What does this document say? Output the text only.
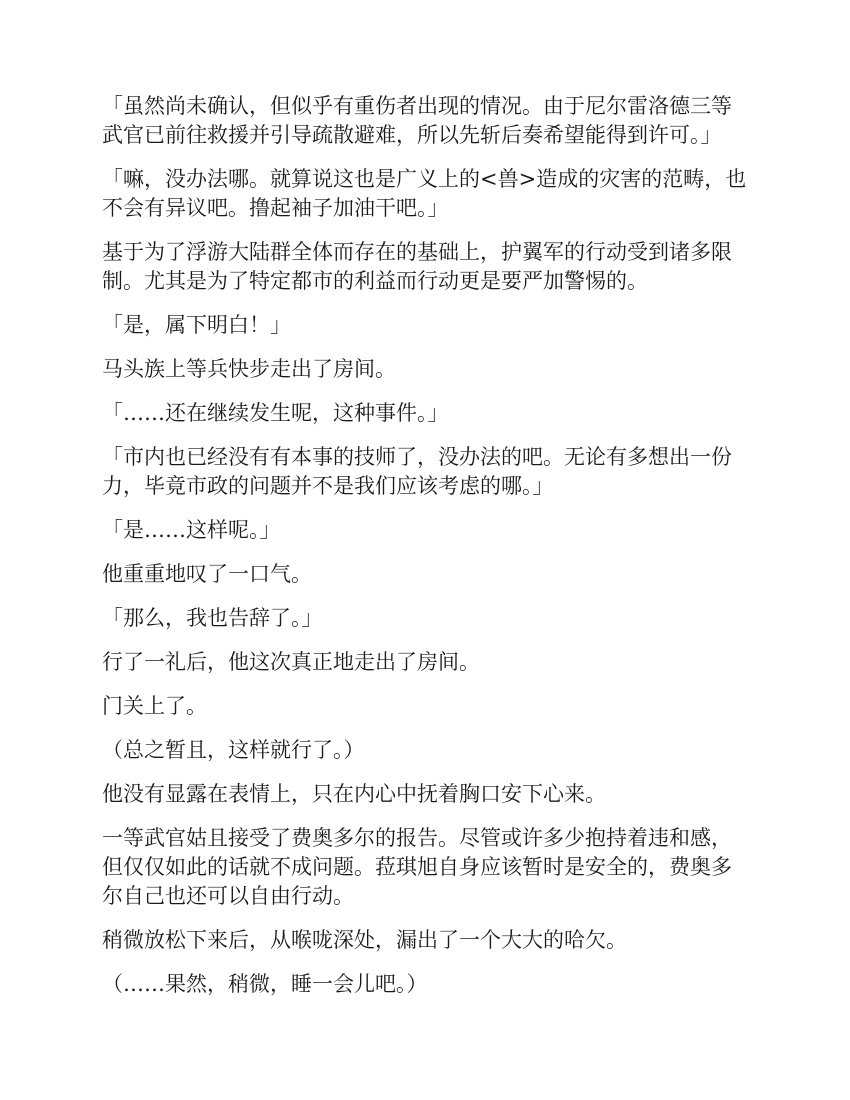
「虽然尚未确认，但似乎有重伤者出现的情况。由于尼尔雷洛德三等武官已前往救援并引导疏散避难，所以先斩后奏希望能得到许可。」

「嘛，没办法哪。就算说这也是广义上的<兽>造成的灾害的范畴，也不会有异议吧。撸起袖子加油干吧。」

基于为了浮游大陆群全体而存在的基础上，护翼军的行动受到诸多限制。尤其是为了特定都市的利益而行动更是要严加警惕的。

「是，属下明白！」

马头族上等兵快步走出了房间。

「……还在继续发生呢，这种事件。」

「市内也已经没有有本事的技师了，没办法的吧。无论有多想出一份力，毕竟市政的问题并不是我们应该考虑的哪。」

「是……这样呢。」

他重重地叹了一口气。

「那么，我也告辞了。」

行了一礼后，他这次真正地走出了房间。

门关上了。

（总之暂且，这样就行了。）

他没有显露在表情上，只在内心中抚着胸口安下心来。

一等武官姑且接受了费奥多尔的报告。尽管或许多少抱持着违和感，但仅仅如此的话就不成问题。菈琪旭自身应该暂时是安全的，费奥多尔自己也还可以自由行动。

稍微放松下来后，从喉咙深处，漏出了一个大大的哈欠。

（……果然，稍微，睡一会儿吧。）
